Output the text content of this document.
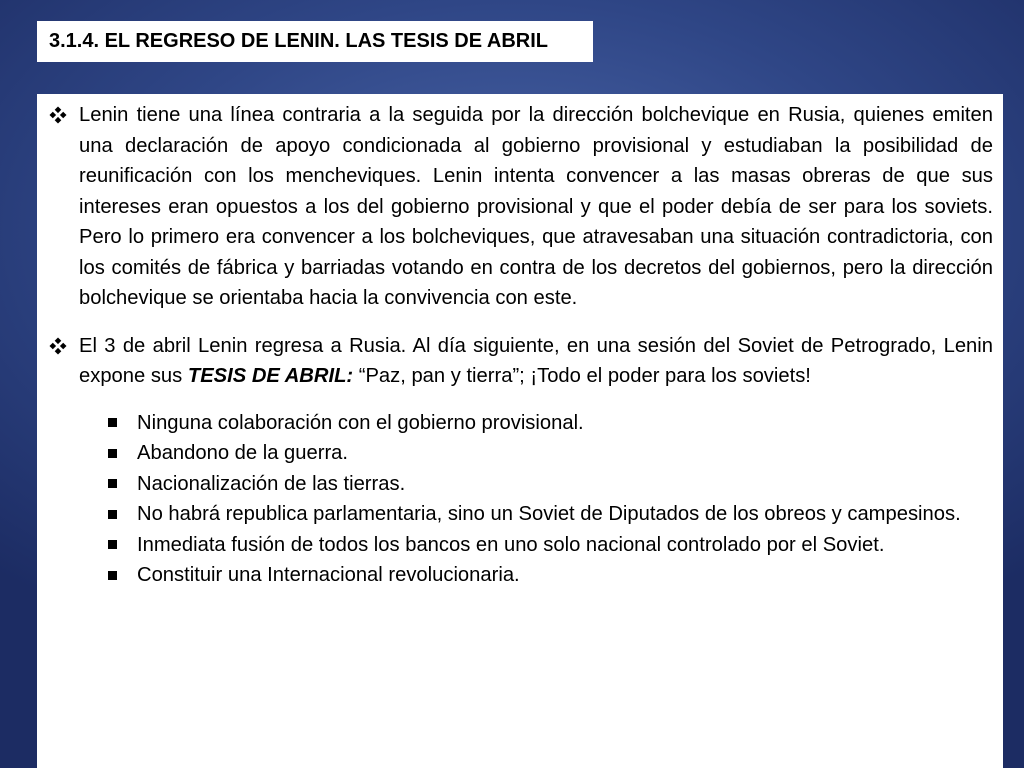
3.1.4. EL REGRESO DE LENIN. LAS TESIS DE ABRIL
Lenin tiene una línea contraria a la seguida por la dirección bolchevique en Rusia, quienes emiten una declaración de apoyo condicionada al gobierno provisional y estudiaban la posibilidad de reunificación con los mencheviques. Lenin intenta convencer a las masas obreras de que sus intereses eran opuestos a los del gobierno provisional y que el poder debía de ser para los soviets. Pero lo primero era convencer a los bolcheviques, que atravesaban una situación contradictoria, con los comités de fábrica y barriadas votando en contra de los decretos del gobiernos, pero la dirección bolchevique se orientaba hacia la convivencia con este.
El 3 de abril Lenin regresa a Rusia. Al día siguiente, en una sesión del Soviet de Petrogrado, Lenin expone sus TESIS DE ABRIL: “Paz, pan y tierra”; ¡Todo el poder para los soviets!
Ninguna colaboración con el gobierno provisional.
Abandono de la guerra.
Nacionalización de las tierras.
No habrá republica parlamentaria, sino un Soviet de Diputados de los obreos y campesinos.
Inmediata fusión de todos los bancos en uno solo nacional controlado por el Soviet.
Constituir una Internacional revolucionaria.
